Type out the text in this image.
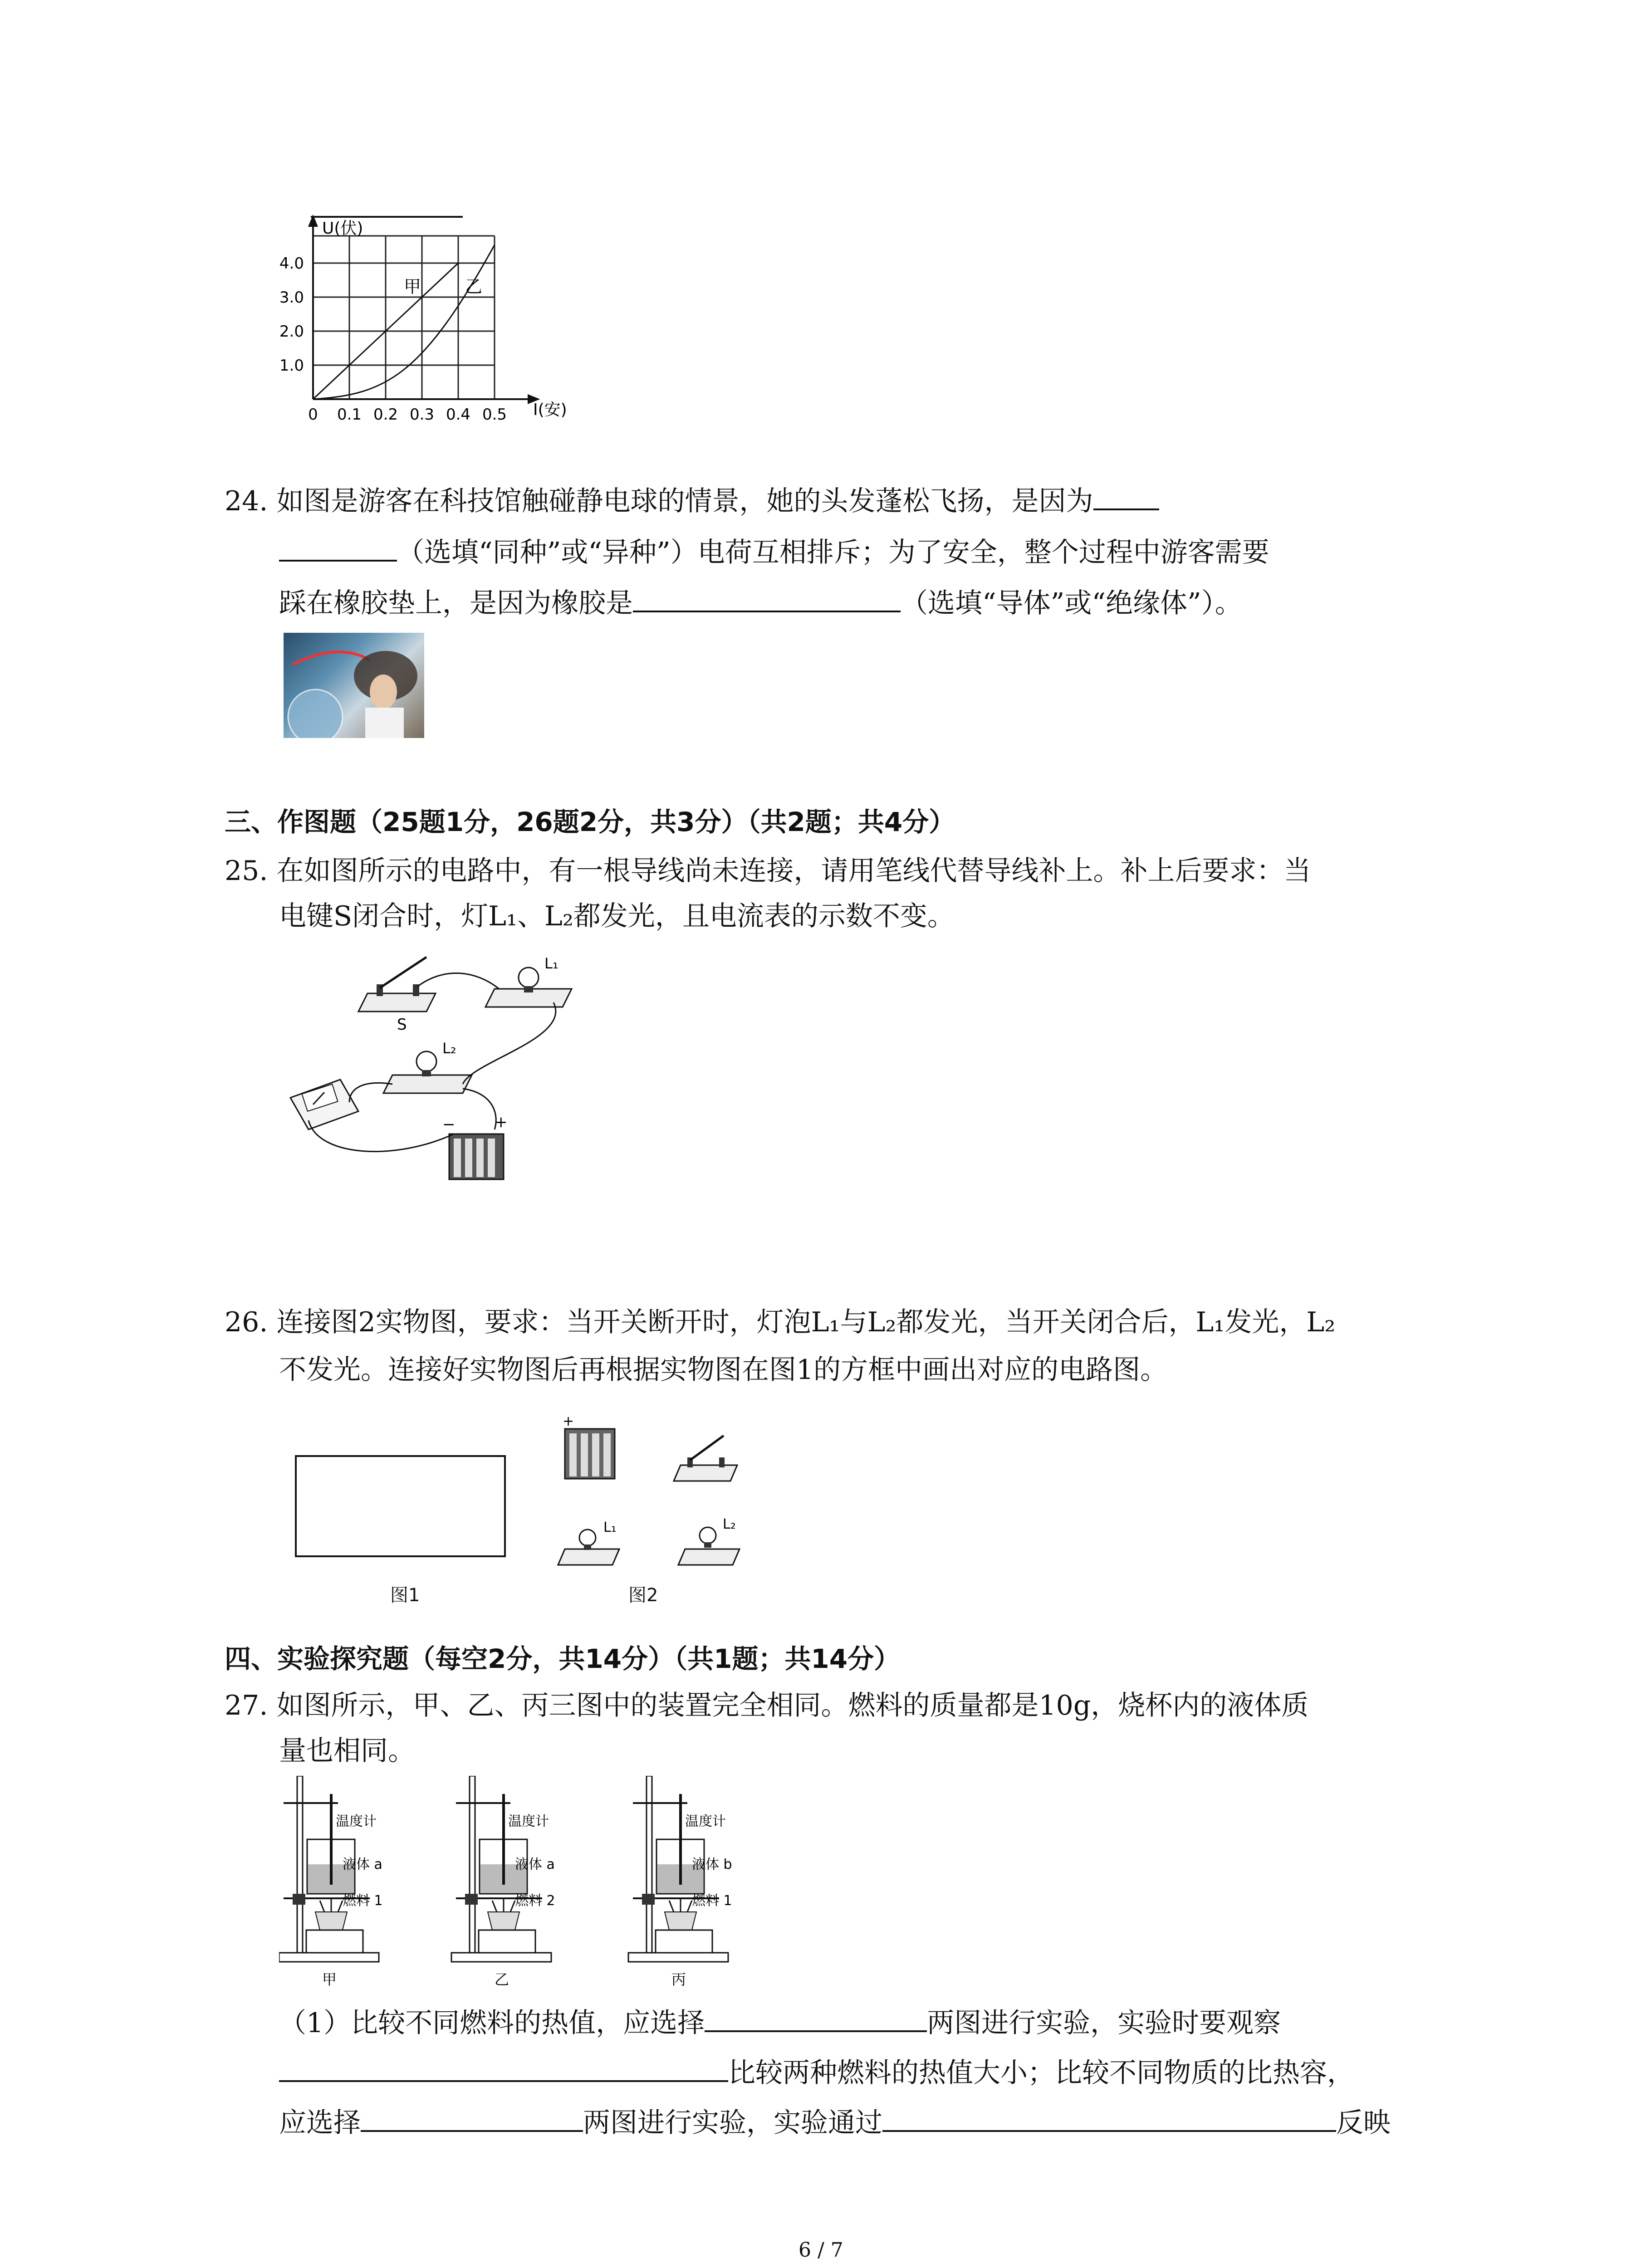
4.0
3.0
2.0
1.0
0 0.1 0.2 0.3 0.4 0.5
U(伏)
I(安)
甲	乙
24. 如图是游客在科技馆触碰静电球的情景，她的头发蓬松飞扬，是因为
（选填“同种”或“异种”）电荷互相排斥；为了安全，整个过程中游客需要
踩在橡胶垫上，是因为橡胶是	（选填“导体”或“绝缘体”）。
三、作图题（25题1分，26题2分，共3分）（共2题；共4分）
25. 在如图所示的电路中，有一根导线尚未连接，请用笔线代替导线补上。补上后要求：当
电键S闭合时，灯L₁、L₂都发光，且电流表的示数不变。
S
L₁
L₂
−	+
26. 连接图2实物图，要求：当开关断开时，灯泡L₁与L₂都发光，当开关闭合后，L₁发光，L₂
不发光。连接好实物图后再根据实物图在图1的方框中画出对应的电路图。
图1
+
L₁	L₂
图2
四、实验探究题（每空2分，共14分）（共1题；共14分）
27. 如图所示，甲、乙、丙三图中的装置完全相同。燃料的质量都是10g，烧杯内的液体质
量也相同。
温度计
液体 a
燃料 1
甲
温度计
液体 a
燃料 2
乙
温度计
液体 b
燃料 1
丙
（1）比较不同燃料的热值，应选择	两图进行实验，实验时要观察
比较两种燃料的热值大小；比较不同物质的比热容，
应选择	两图进行实验，实验通过	反映
6 / 7
